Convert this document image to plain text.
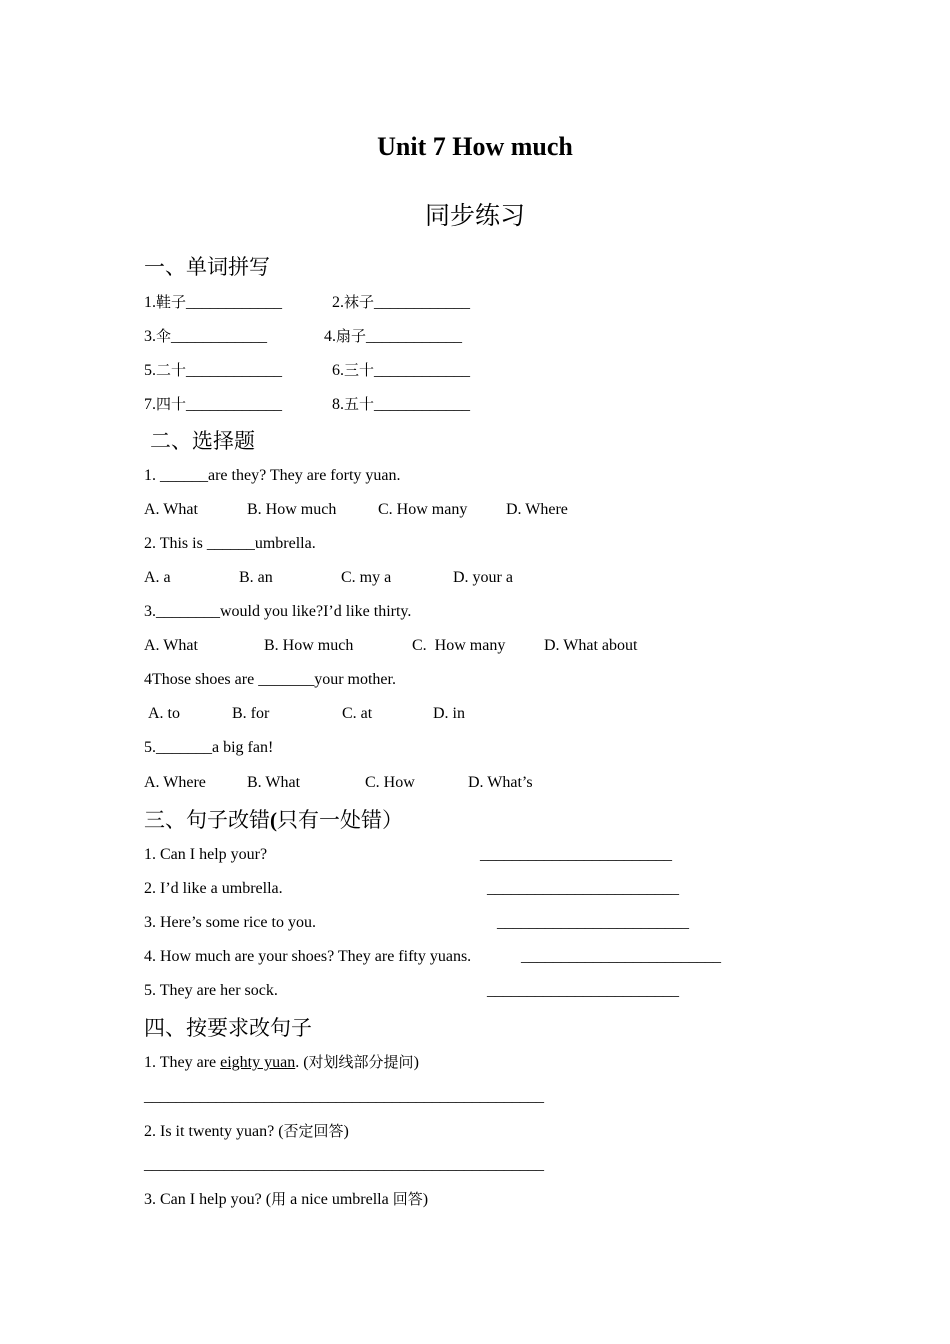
Unit 7 How much
同步练习
一、单词拼写
1.鞋子____________	2.袜子____________
3.伞____________	4.扇子____________
5.二十____________	6.三十____________
7.四十____________	8.五十____________
二、选择题
1. ______are they? They are forty yuan.
A. What	B. How much	C. How many D. Where
2. This is ______umbrella.
A. a	B. an	C. my a	D. your a
3.________would you like?I’d like thirty.
A. What	B. How much	C.  How many D. What about
4Those shoes are _______your mother.
A. to	B. for	C. at	D. in
5._______a big fan!
A. Where	B. What	C. How	D. What’s
三、句子改错(只有一处错）
1. Can I help your?	________________________
2. I’d like a umbrella.	________________________
3. Here’s some rice to you.	________________________
4. How much are your shoes? They are fifty yuans.	_________________________
5. They are her sock.	________________________
四、按要求改句子
1. They are eighty yuan. (对划线部分提问)
__________________________________________________
2. Is it twenty yuan? (否定回答)
__________________________________________________
3. Can I help you? (用 a nice umbrella 回答)
